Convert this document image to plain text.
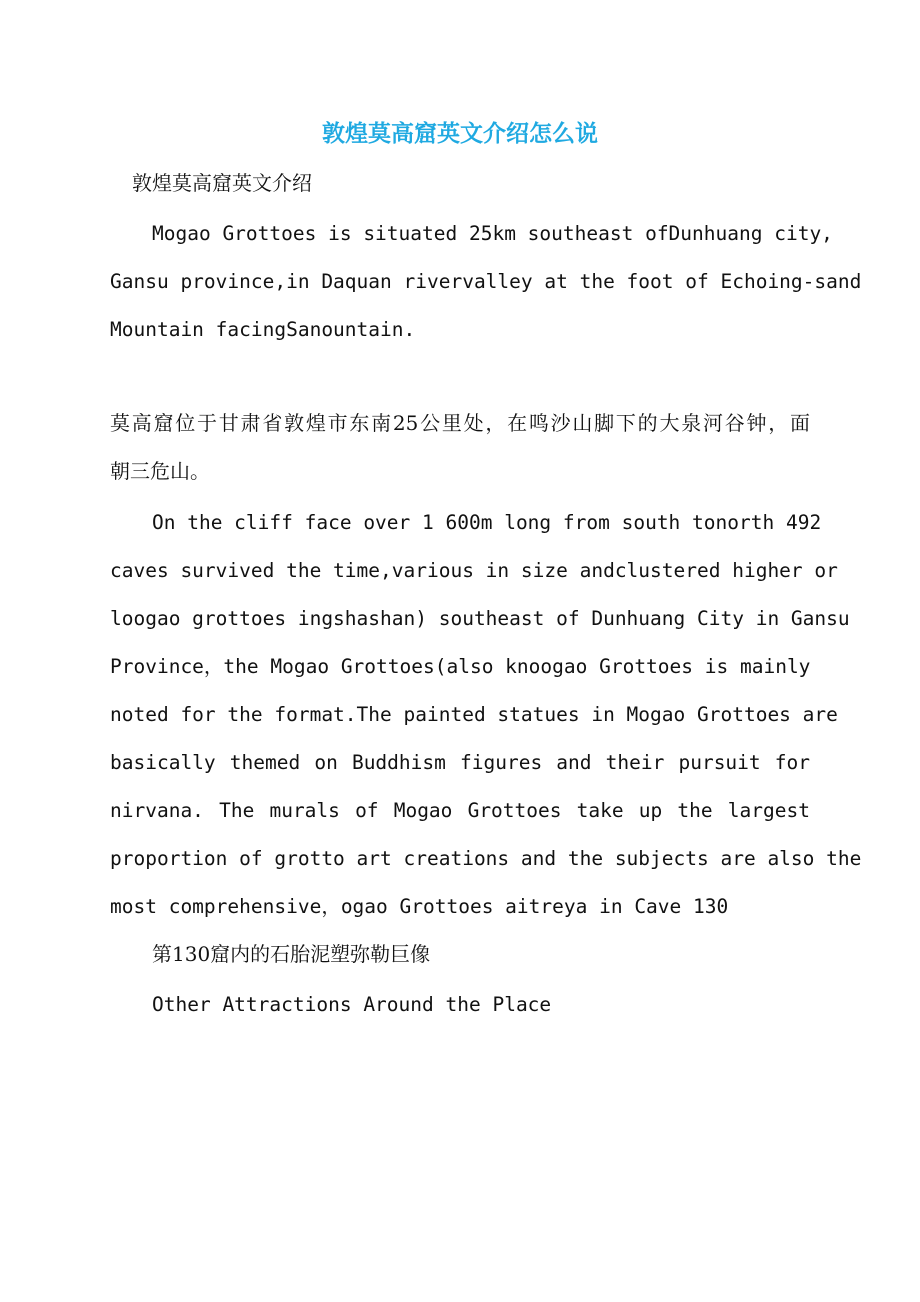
敦煌莫高窟英文介绍怎么说

敦煌莫高窟英文介绍

Mogao Grottoes is situated 25km southeast ofDunhuang city,
Gansu province,in Daquan rivervalley at the foot of Echoing-sand
Mountain facingSanountain.
莫高窟位于甘肃省敦煌市东南25公里处，在鸣沙山脚下的大泉河谷钟，面
朝三危山。
On the cliff face over 1 600m long from south tonorth 492
caves survived the time,various in size andclustered higher or
loogao grottoes ingshashan) southeast of Dunhuang City in Gansu
Province，the Mogao Grottoes(also knoogao Grottoes is mainly
noted for the format.The painted statues in Mogao Grottoes are
basically themed on Buddhism figures and their pursuit for
nirvana. The murals of Mogao Grottoes take up the largest
proportion of grotto art creations and the subjects are also the
most comprehensive，ogao Grottoes aitreya in Cave 130

第130窟内的石胎泥塑弥勒巨像

Other Attractions Around the Place
